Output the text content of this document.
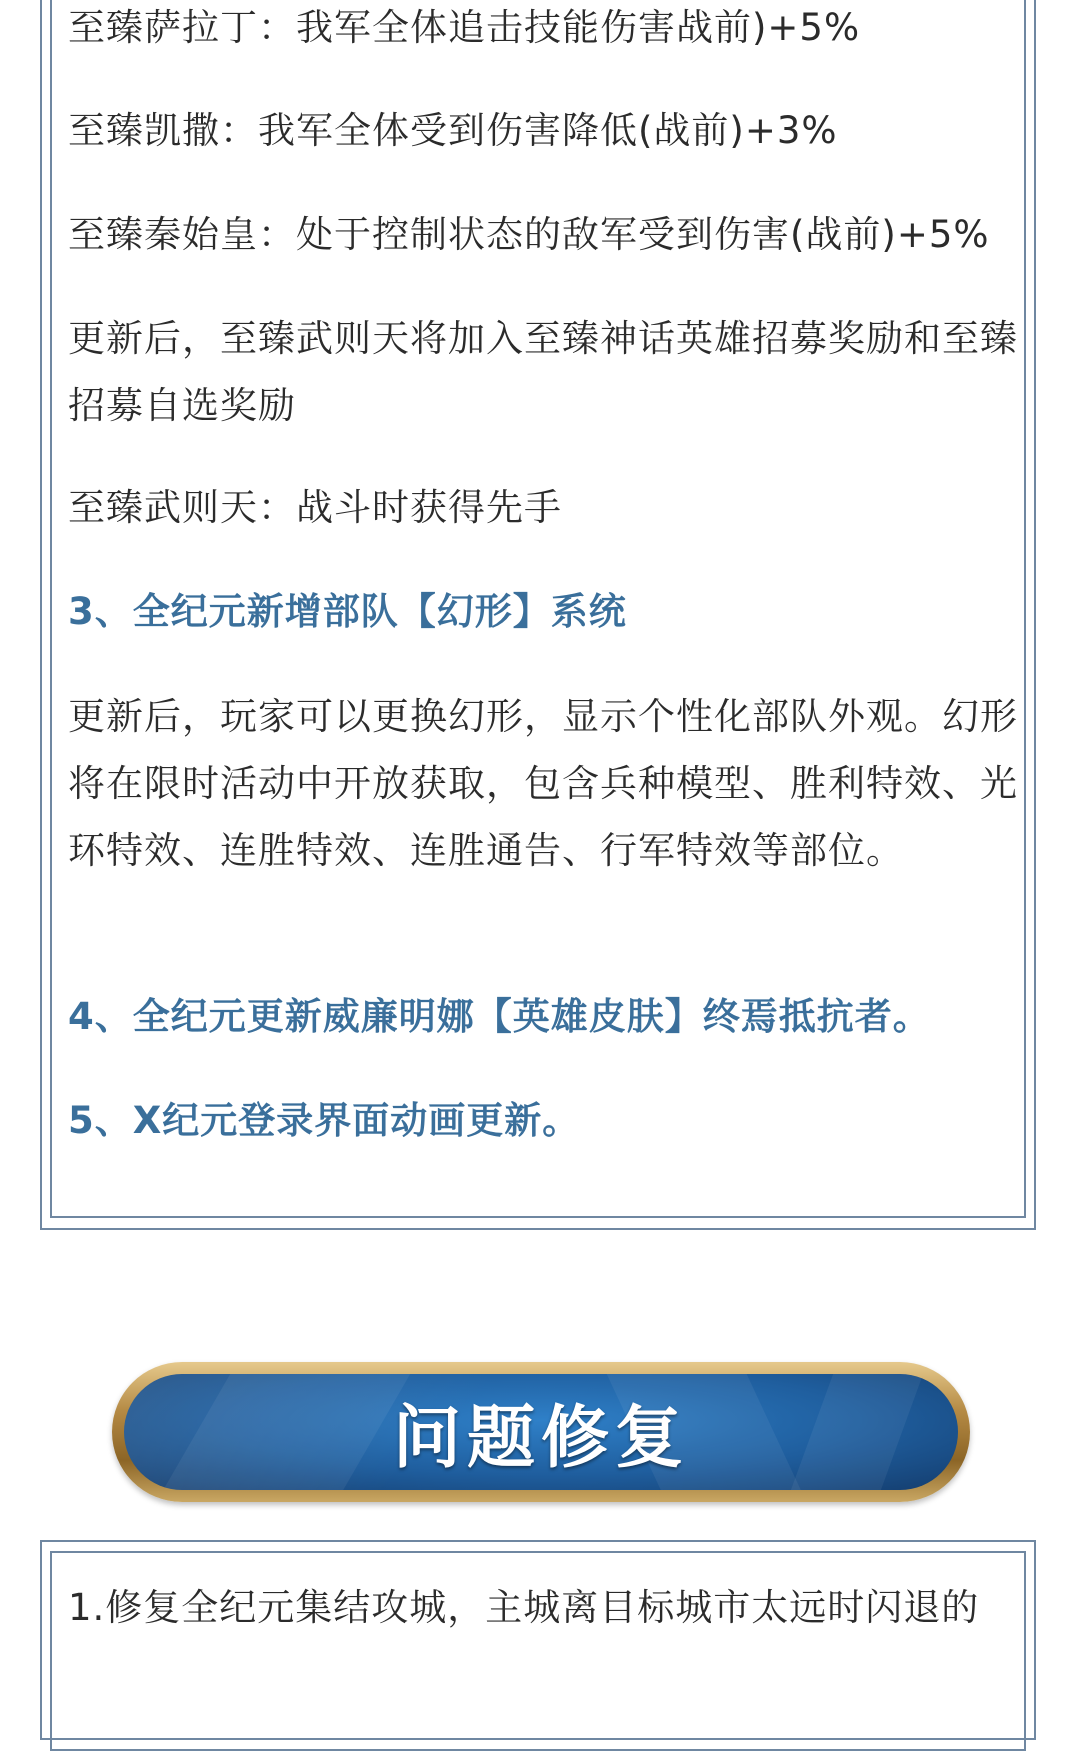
至臻萨拉丁：我军全体追击技能伤害战前)+5%
至臻凯撒：我军全体受到伤害降低(战前)+3%
至臻秦始皇：处于控制状态的敌军受到伤害(战前)+5%
更新后，至臻武则天将加入至臻神话英雄招募奖励和至臻招募自选奖励
至臻武则天：战斗时获得先手
3、全纪元新增部队【幻形】系统
更新后，玩家可以更换幻形，显示个性化部队外观。幻形将在限时活动中开放获取，包含兵种模型、胜利特效、光环特效、连胜特效、连胜通告、行军特效等部位。
4、全纪元更新威廉明娜【英雄皮肤】终焉抵抗者。
5、X纪元登录界面动画更新。
问题修复
1.修复全纪元集结攻城，主城离目标城市太远时闪退的
